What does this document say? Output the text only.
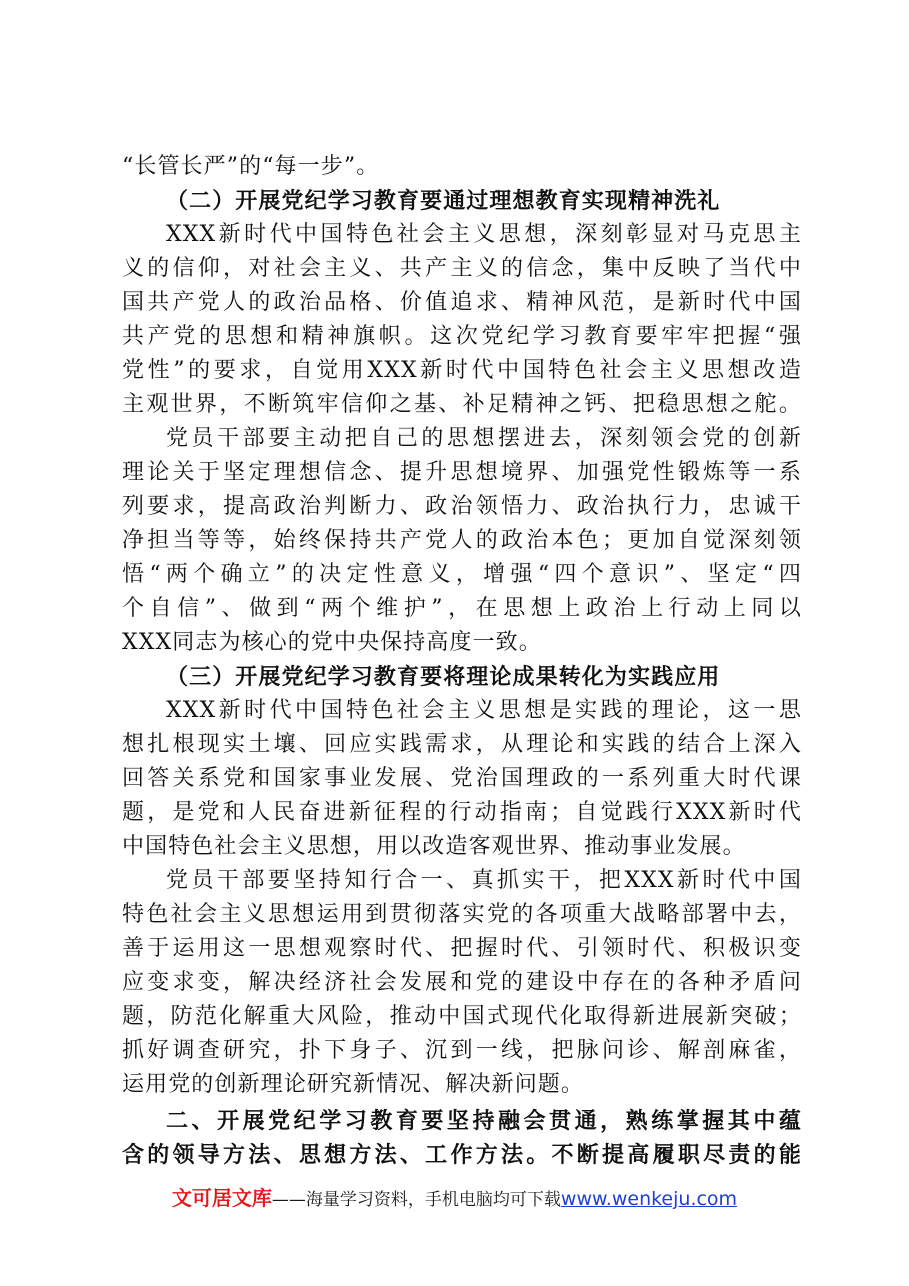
“长管长严”的“每一步”。
（二）开展党纪学习教育要通过理想教育实现精神洗礼
XXX新时代中国特色社会主义思想，深刻彰显对马克思主
义的信仰，对社会主义、共产主义的信念，集中反映了当代中
国共产党人的政治品格、价值追求、精神风范，是新时代中国
共产党的思想和精神旗帜。这次党纪学习教育要牢牢把握“强
党性”的要求，自觉用XXX新时代中国特色社会主义思想改造
主观世界，不断筑牢信仰之基、补足精神之钙、把稳思想之舵。
党员干部要主动把自己的思想摆进去，深刻领会党的创新
理论关于坚定理想信念、提升思想境界、加强党性锻炼等一系
列要求，提高政治判断力、政治领悟力、政治执行力，忠诚干
净担当等等，始终保持共产党人的政治本色；更加自觉深刻领
悟“两个确立”的决定性意义，增强“四个意识”、坚定“四
个自信”、做到“两个维护”，在思想上政治上行动上同以
XXX同志为核心的党中央保持高度一致。
（三）开展党纪学习教育要将理论成果转化为实践应用
XXX新时代中国特色社会主义思想是实践的理论，这一思
想扎根现实土壤、回应实践需求，从理论和实践的结合上深入
回答关系党和国家事业发展、党治国理政的一系列重大时代课
题，是党和人民奋进新征程的行动指南；自觉践行XXX新时代
中国特色社会主义思想，用以改造客观世界、推动事业发展。
党员干部要坚持知行合一、真抓实干，把XXX新时代中国
特色社会主义思想运用到贯彻落实党的各项重大战略部署中去，
善于运用这一思想观察时代、把握时代、引领时代、积极识变
应变求变，解决经济社会发展和党的建设中存在的各种矛盾问
题，防范化解重大风险，推动中国式现代化取得新进展新突破；
抓好调查研究，扑下身子、沉到一线，把脉问诊、解剖麻雀，
运用党的创新理论研究新情况、解决新问题。
二、开展党纪学习教育要坚持融会贯通，熟练掌握其中蕴
含的领导方法、思想方法、工作方法。不断提高履职尽责的能
文可居文库——海量学习资料，手机电脑均可下载www.wenkeju.com
